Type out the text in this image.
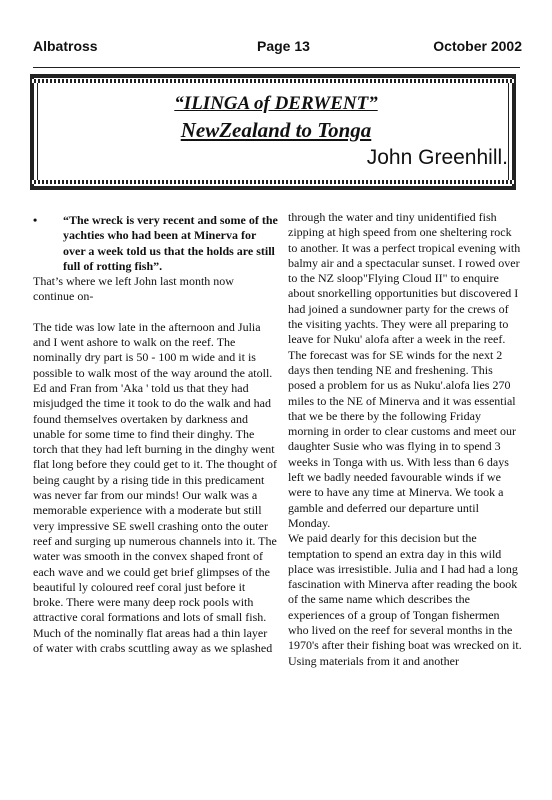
Albatross	Page 13	October 2002
“ILINGA of DERWENT”
NewZealand to Tonga
John Greenhill.
•	“The wreck is very recent and some of the yachties who had been at Minerva for over a week told us that the holds are still full of rotting fish”.

That’s where we left John last month now continue on-

The tide was low late in the afternoon and Julia and I went ashore to walk on the reef. The nominally dry part is 50 - 100 m wide and it is possible to walk most of the way around the atoll. Ed and Fran from 'Aka ' told us that they had misjudged the time it took to do the walk and had found themselves overtaken by darkness and unable for some time to find their dinghy. The torch that they had left burning in the dinghy went flat long before they could get to it. The thought of being caught by a rising tide in this predicament was never far from our minds! Our walk was a memorable experience with a moderate but still very impressive SE swell crashing onto the outer reef and surging up numerous channels into it. The water was smooth in the convex shaped front of each wave and we could get brief glimpses of the beautiful ly coloured reef coral just before it broke. There were many deep rock pools with attractive coral formations and lots of small fish. Much of the nominally flat areas had a thin layer of water with crabs scuttling away as we splashed

through the water and tiny unidentified fish zipping at high speed from one sheltering rock to another. It was a perfect tropical evening with balmy air and a spectacular sunset. I rowed over to the NZ sloop"Flying Cloud II" to enquire about snorkelling opportunities but discovered I had joined a sundowner party for the crews of the visiting yachts. They were all preparing to leave for Nuku' alofa after a week in the reef. The forecast was for SE winds for the next 2 days then tending NE and freshening. This posed a problem for us as Nuku'.alofa lies 270 miles to the NE of Minerva and it was essential that we be there by the following Friday morning in order to clear customs and meet our daughter Susie who was flying in to spend 3 weeks in Tonga with us. With less than 6 days left we badly needed favourable winds if we were to have any time at Minerva. We took a gamble and deferred our departure until Monday.

We paid dearly for this decision but the temptation to spend an extra day in this wild place was irresistible. Julia and I had had a long fascination with Minerva after reading the book of the same name which describes the experiences of a group of Tongan fishermen who lived on the reef for several months in the 1970's after their fishing boat was wrecked on it. Using materials from it and another
